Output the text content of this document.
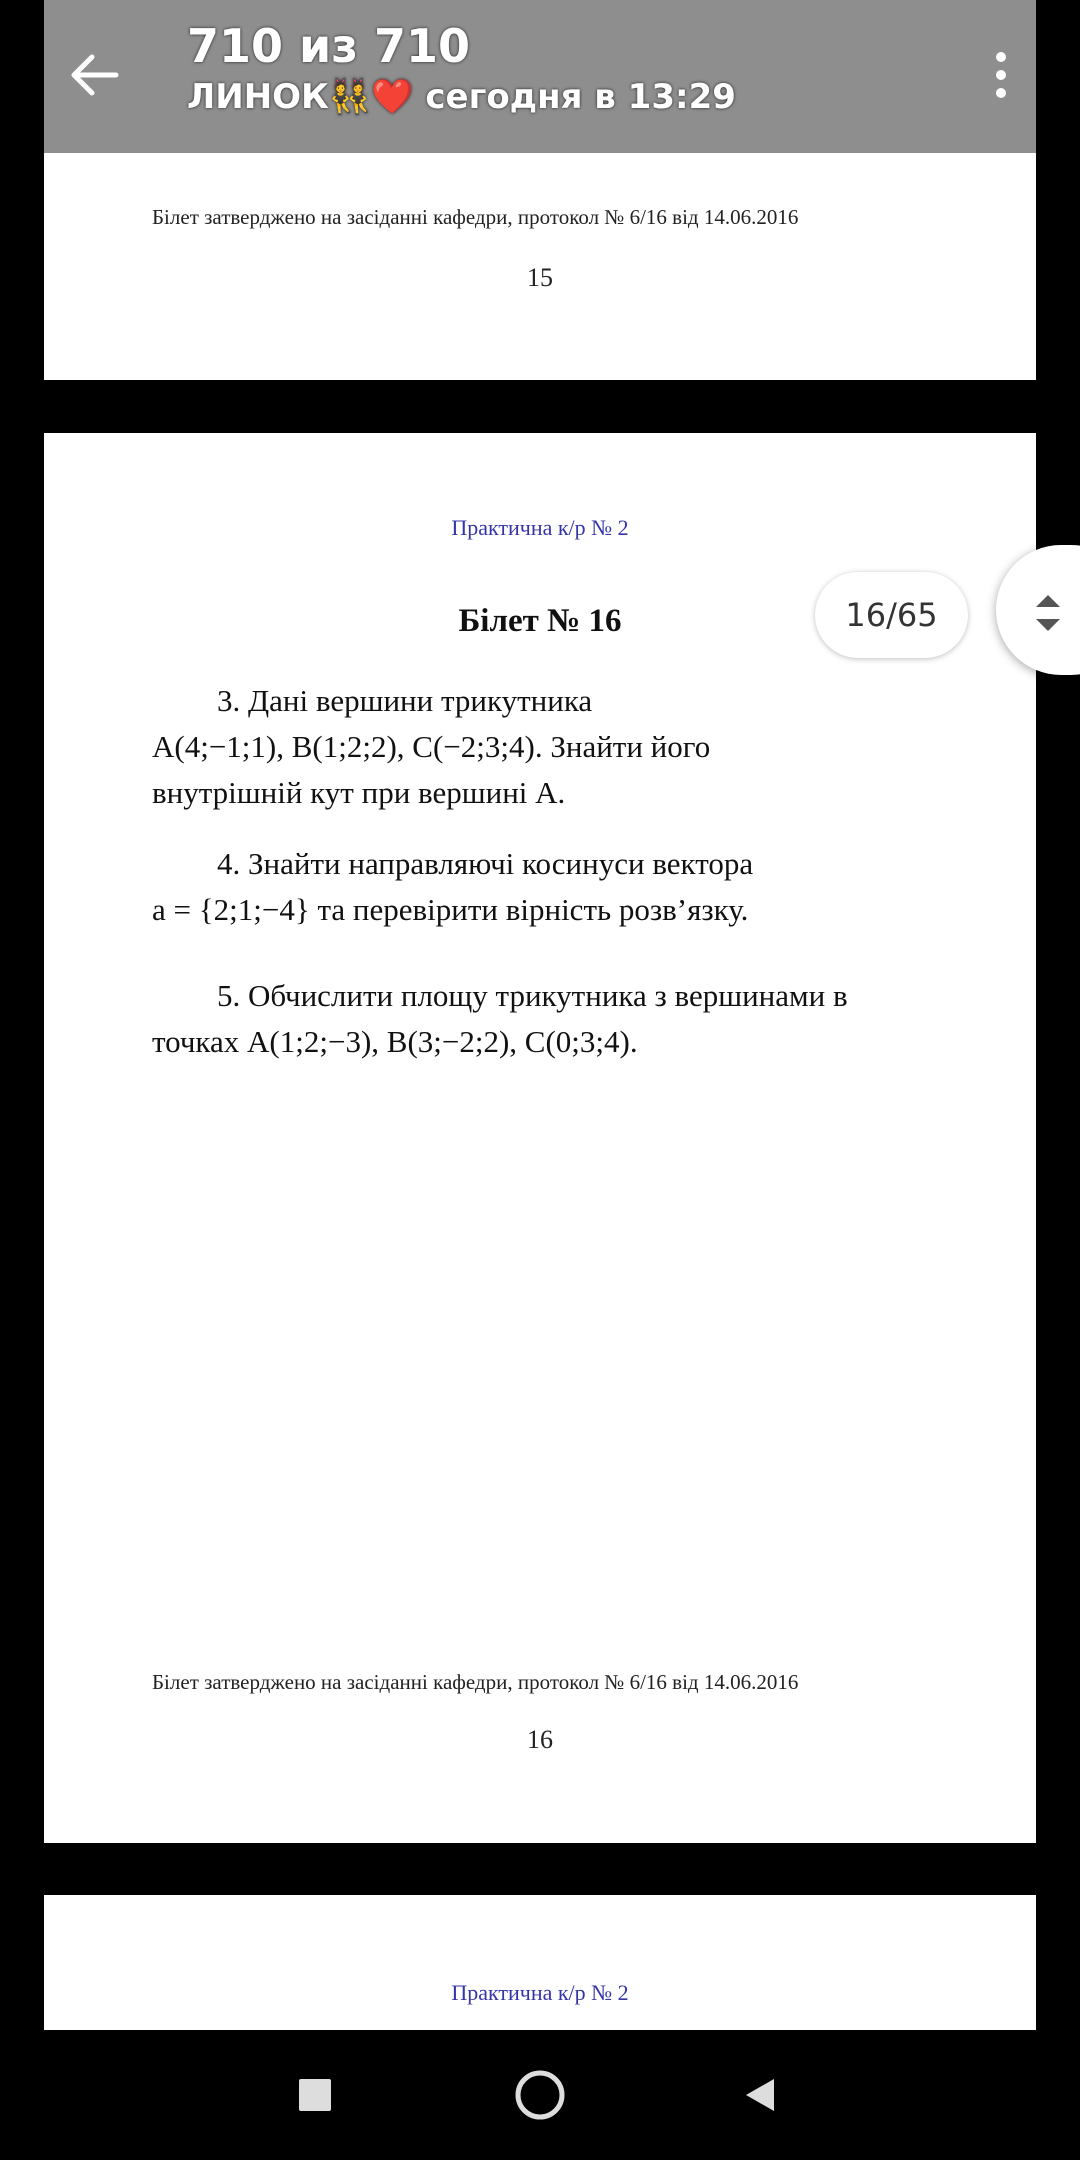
710 из 710
ЛИНОК👯❤️ сегодня в 13:29
Білет затверджено на засіданні кафедри, протокол № 6/16 від 14.06.2016
15
Практична к/р № 2
Білет № 16
3. Дані вершини трикутника
A(4;−1;1), B(1;2;2), C(−2;3;4). Знайти його
внутрішній кут при вершині A.
4. Знайти направляючі косинуси вектора
a = {2;1;−4} та перевірити вірність розв’язку.
5. Обчислити площу трикутника з вершинами в
точках A(1;2;−3), B(3;−2;2), C(0;3;4).
Білет затверджено на засіданні кафедри, протокол № 6/16 від 14.06.2016
16
Практична к/р № 2
16/65
